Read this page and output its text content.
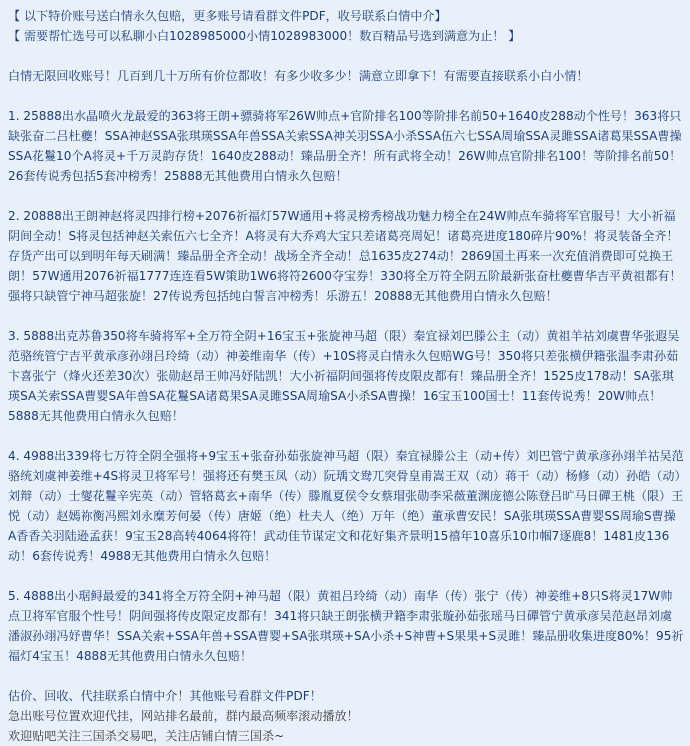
【 以下特价账号送白情永久包赔，更多账号请看群文件PDF，收号联系白情中介】

【 需要帮忙选号可以私聊小白1028985000小情1028983000！数百精品号选到满意为止！ 】

白情无限回收账号！几百到几十万所有价位都收！有多少收多少！满意立即拿下！有需要直接联系小白小情！

1. 25888出水晶喷火龙最爱的363将王朗+骠骑将军26W帅点+官阶排名100等阶排名前50+1640皮288动个性号！363将只缺张奋二吕杜夔！SSA神赵SSA张琪瑛SSA年兽SSA关索SSA神关羽SSA小杀SSA伍六七SSA周瑜SSA灵雎SSA诸葛果SSA曹操SSA花鬘10个A将灵+千万灵韵存货！1640皮288动！臻品册全齐！所有武将全动！26W帅点官阶排名100！等阶排名前50！26套传说秀包括5套冲榜秀！25888无其他费用白情永久包赔！

2. 20888出王朗神赵将灵四排行榜+2076祈福灯57W通用+将灵榜秀榜战功魅力榜全在24W帅点车骑将军官服号！大小祈福阴间全动！S将灵包括神赵关索伍六七全齐！A将灵有大乔鸡大宝只差诸葛亮周妃！诸葛亮进度180碎片90%！将灵装备全齐！存货产出可以到明年每天刷满！臻品册全齐全动！战场全齐全动！总1635皮274动！2869国土再来一次充值消费即可兑换王朗！57W通用2076祈福1777连连看5W策助1W6将符2600夺宝券！330将全万符全阴五阶最新张奋杜夔曹华吉平黄祖都有！强将只缺管宁神马超张旋！27传说秀包括纯白誓言冲榜秀！乐游五！20888无其他费用白情永久包赔！

3. 5888出克苏鲁350将车骑将军+全万符全阴+16宝玉+张旋神马超（限）秦宜禄刘巴滕公主（动）黄祖羊祜刘虞曹华张遐吴范骆统管宁吉平黄承彦孙翊吕玲绮（动）神姜维南华（传）+10S将灵白情永久包赔WG号！350将只差张横伊籍张温李肃孙茹卞喜张宁（烽火还差30次）张勋赵昂王帅冯妤陆凯！大小祈福阴间强将传皮限皮都有！臻品册全齐！1525皮178动！SA张琪瑛SA关索SSA曹婴SA年兽SA花鬘SA诸葛果SA灵雎SSA周瑜SA小杀SA曹操！16宝玉100国士！11套传说秀！20W帅点！5888无其他费用白情永久包赔！

4. 4988出339将七万符全阴全强将+9宝玉+张奋孙茹张旋神马超（限）秦宜禄滕公主（动+传）刘巴管宁黄承彦孙翊羊祜吴范骆统刘虞神姜维+4S将灵卫将军号！强将还有樊玉凤（动）阮瑀文鸯兀突骨皇甫嵩王双（动）蒋干（动）杨修（动）孙皓（动）刘辩（动）士燮花鬘辛宪英（动）管辂葛玄+南华（传）滕胤夏侯令女蔡瑁张勋李采薇董渊庞德公陈登吕旷马日磾王桃（限）王悦（动）赵嫣祢衡冯熙刘永糜芳何晏（传）唐姬（绝）杜夫人（绝）万年（绝）董承曹安民！SA张琪瑛SSA曹婴SS周瑜S曹操A香香关羽陆逊孟获！9宝玉28高转4064将符！武动佳节谋定文和花好集齐景明15禧年10喜乐10巾帼7逐鹿8！1481皮136动！6套传说秀！4988无其他费用白情永久包赔！

5. 4888出小琚鲟最爱的341将全万符全阴+神马超（限）黄祖吕玲绮（动）南华（传）张宁（传）神姜维+8只S将灵17W帅点卫将军官服个性号！阴间强将传皮限定皮都有！341将只缺王朗张横尹籍李肃张璇孙茹张瑶马日磾管宁黄承彦吴范赵昂刘虞潘淑孙翊冯妤曹华！SSA关索+SSA年兽+SSA曹婴+SA张琪瑛+SA小杀+S神曹+S果果+S灵雎！臻品册收集进度80%！95祈福灯4宝玉！4888无其他费用白情永久包赔！

估价、回收、代挂联系白情中介！其他账号看群文件PDF！

急出账号位置欢迎代挂，网站排名最前，群内最高频率滚动播放！

欢迎贴吧关注三国杀交易吧，关注店铺白情三国杀~
